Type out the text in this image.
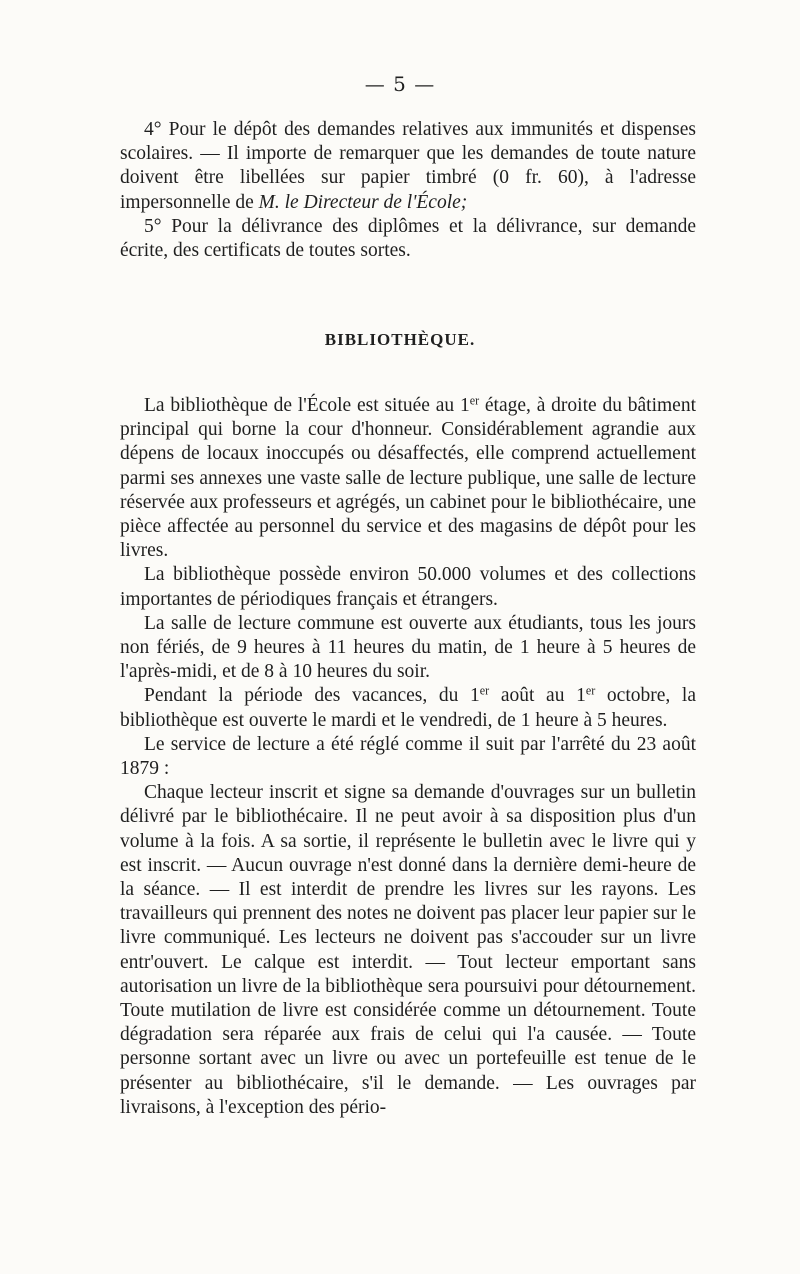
— 5 —

4° Pour le dépôt des demandes relatives aux immunités et dispenses scolaires. — Il importe de remarquer que les demandes de toute nature doivent être libellées sur papier timbré (0 fr. 60), à l'adresse impersonnelle de M. le Directeur de l'École;

5° Pour la délivrance des diplômes et la délivrance, sur demande écrite, des certificats de toutes sortes.

BIBLIOTHÈQUE.

La bibliothèque de l'École est située au 1er étage, à droite du bâtiment principal qui borne la cour d'honneur. Considérablement agrandie aux dépens de locaux inoccupés ou désaffectés, elle comprend actuellement parmi ses annexes une vaste salle de lecture publique, une salle de lecture réservée aux professeurs et agrégés, un cabinet pour le bibliothécaire, une pièce affectée au personnel du service et des magasins de dépôt pour les livres.

La bibliothèque possède environ 50.000 volumes et des collections importantes de périodiques français et étrangers.

La salle de lecture commune est ouverte aux étudiants, tous les jours non fériés, de 9 heures à 11 heures du matin, de 1 heure à 5 heures de l'après-midi, et de 8 à 10 heures du soir.

Pendant la période des vacances, du 1er août au 1er octobre, la bibliothèque est ouverte le mardi et le vendredi, de 1 heure à 5 heures.

Le service de lecture a été réglé comme il suit par l'arrêté du 23 août 1879 :

Chaque lecteur inscrit et signe sa demande d'ouvrages sur un bulletin délivré par le bibliothécaire. Il ne peut avoir à sa disposition plus d'un volume à la fois. A sa sortie, il représente le bulletin avec le livre qui y est inscrit. — Aucun ouvrage n'est donné dans la dernière demi-heure de la séance. — Il est interdit de prendre les livres sur les rayons. Les travailleurs qui prennent des notes ne doivent pas placer leur papier sur le livre communiqué. Les lecteurs ne doivent pas s'accouder sur un livre entr'ouvert. Le calque est interdit. — Tout lecteur emportant sans autorisation un livre de la bibliothèque sera poursuivi pour détournement. Toute mutilation de livre est considérée comme un détournement. Toute dégradation sera réparée aux frais de celui qui l'a causée. — Toute personne sortant avec un livre ou avec un portefeuille est tenue de le présenter au bibliothécaire, s'il le demande. — Les ouvrages par livraisons, à l'exception des pério-
